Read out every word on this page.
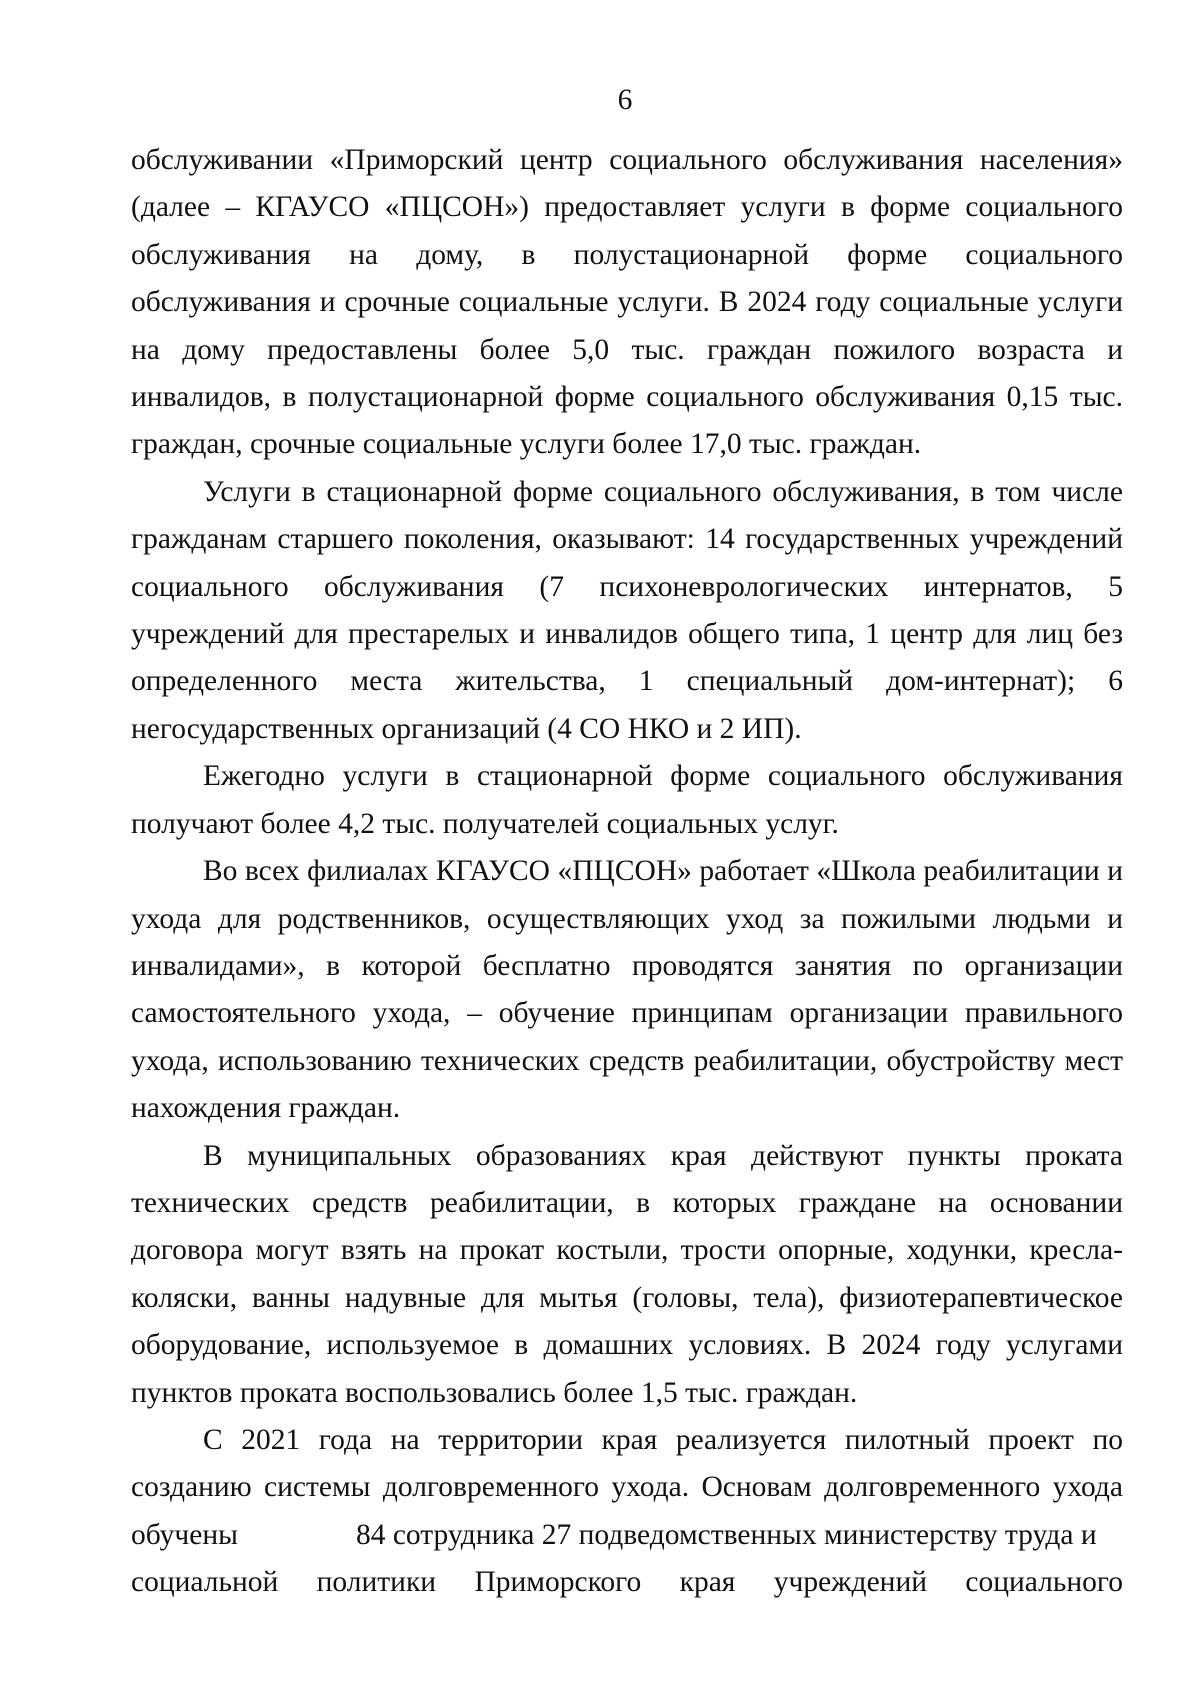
6

обслуживании «Приморский центр социального обслуживания населения» (далее – КГАУСО «ПЦСОН») предоставляет услуги в форме социального обслуживания на дому, в полустационарной форме социального обслуживания и срочные социальные услуги. В 2024 году социальные услуги на дому предоставлены более 5,0 тыс. граждан пожилого возраста и инвалидов, в полустационарной форме социального обслуживания 0,15 тыс. граждан, срочные социальные услуги более 17,0 тыс. граждан.

Услуги в стационарной форме социального обслуживания, в том числе гражданам старшего поколения, оказывают: 14 государственных учреждений социального обслуживания (7 психоневрологических интернатов, 5 учреждений для престарелых и инвалидов общего типа, 1 центр для лиц без определенного места жительства, 1 специальный дом-интернат); 6 негосударственных организаций (4 СО НКО и 2 ИП).

Ежегодно услуги в стационарной форме социального обслуживания получают более 4,2 тыс. получателей социальных услуг.

Во всех филиалах КГАУСО «ПЦСОН» работает «Школа реабилитации и ухода для родственников, осуществляющих уход за пожилыми людьми и инвалидами», в которой бесплатно проводятся занятия по организации самостоятельного ухода, – обучение принципам организации правильного ухода, использованию технических средств реабилитации, обустройству мест нахождения граждан.

В муниципальных образованиях края действуют пункты проката технических средств реабилитации, в которых граждане на основании договора могут взять на прокат костыли, трости опорные, ходунки, кресла-коляски, ванны надувные для мытья (головы, тела), физиотерапевтическое оборудование, используемое в домашних условиях. В 2024 году услугами пунктов проката воспользовались более 1,5 тыс. граждан.

С 2021 года на территории края реализуется пилотный проект по
созданию системы долговременного ухода. Основам долговременного ухода
обучены	84 сотрудника 27 подведомственных министерству труда и
социальной политики Приморского края учреждений социального
